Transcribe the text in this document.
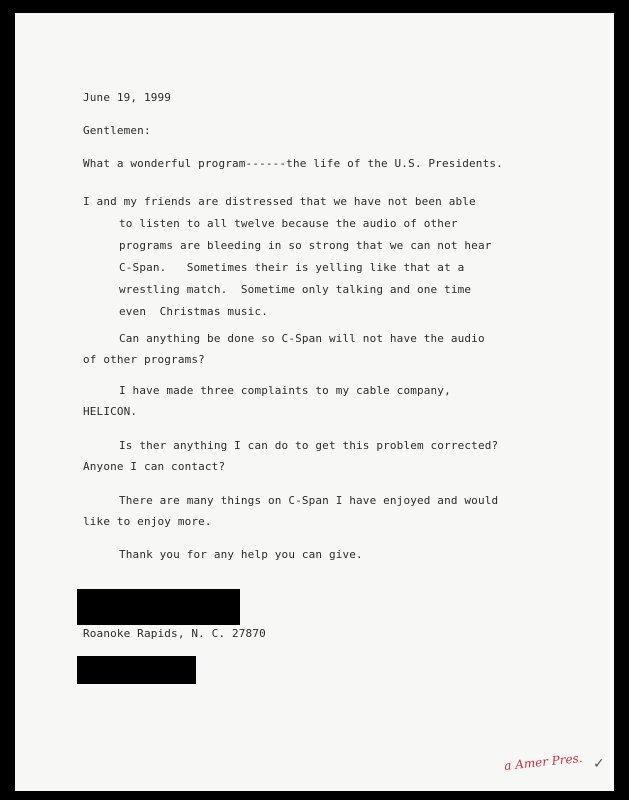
June 19, 1999
Gentlemen:
What a wonderful program------the life of the U.S. Presidents.
I and my friends are distressed that we have not been able
to listen to all twelve because the audio of other
programs are bleeding in so strong that we can not hear
C-Span.   Sometimes their is yelling like that at a
wrestling match.  Sometime only talking and one time
even  Christmas music.
Can anything be done so C-Span will not have the audio
of other programs?
I have made three complaints to my cable company,
HELICON.
Is ther anything I can do to get this problem corrected?
Anyone I can contact?
There are many things on C-Span I have enjoyed and would
like to enjoy more.
Thank you for any help you can give.
Roanoke Rapids, N. C. 27870
a Amer Pres. ✓
